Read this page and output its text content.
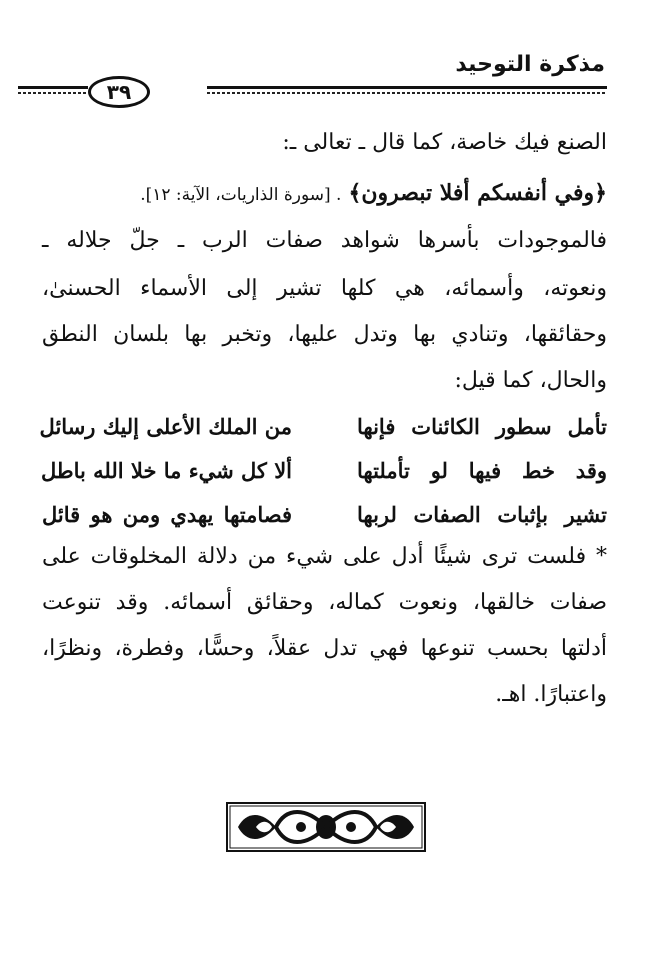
مذكرة التوحيد
٣٩
الصنع فيك خاصة، كما قال ـ تعالى ـ:
﴿وفي أنفسكم أفلا تبصرون﴾ . [سورة الذاريات، الآية: ١٢].
فالموجودات بأسرها شواهد صفات الرب ـ جلّ جلاله ـ
ونعوته، وأسمائه، هي كلها تشير إلى الأسماء الحسنىٰ،
وحقائقها، وتنادي بها وتدل عليها، وتخبر بها بلسان النطق
والحال، كما قيل:
تأمل سطور الكائنات فإنها
من الملك الأعلى إليك رسائل
وقد خط فيها لو تأملتها
ألا كل شيء ما خلا الله باطل
تشير بإثبات الصفات لربها
فصامتها يهدي ومن هو قائل
* فلست ترى شيئًا أدل على شيء من دلالة المخلوقات على
صفات خالقها، ونعوت كماله، وحقائق أسمائه. وقد تنوعت
أدلتها بحسب تنوعها فهي تدل عقلاً، وحسًّا، وفطرة، ونظرًا،
واعتبارًا. اهـ.
